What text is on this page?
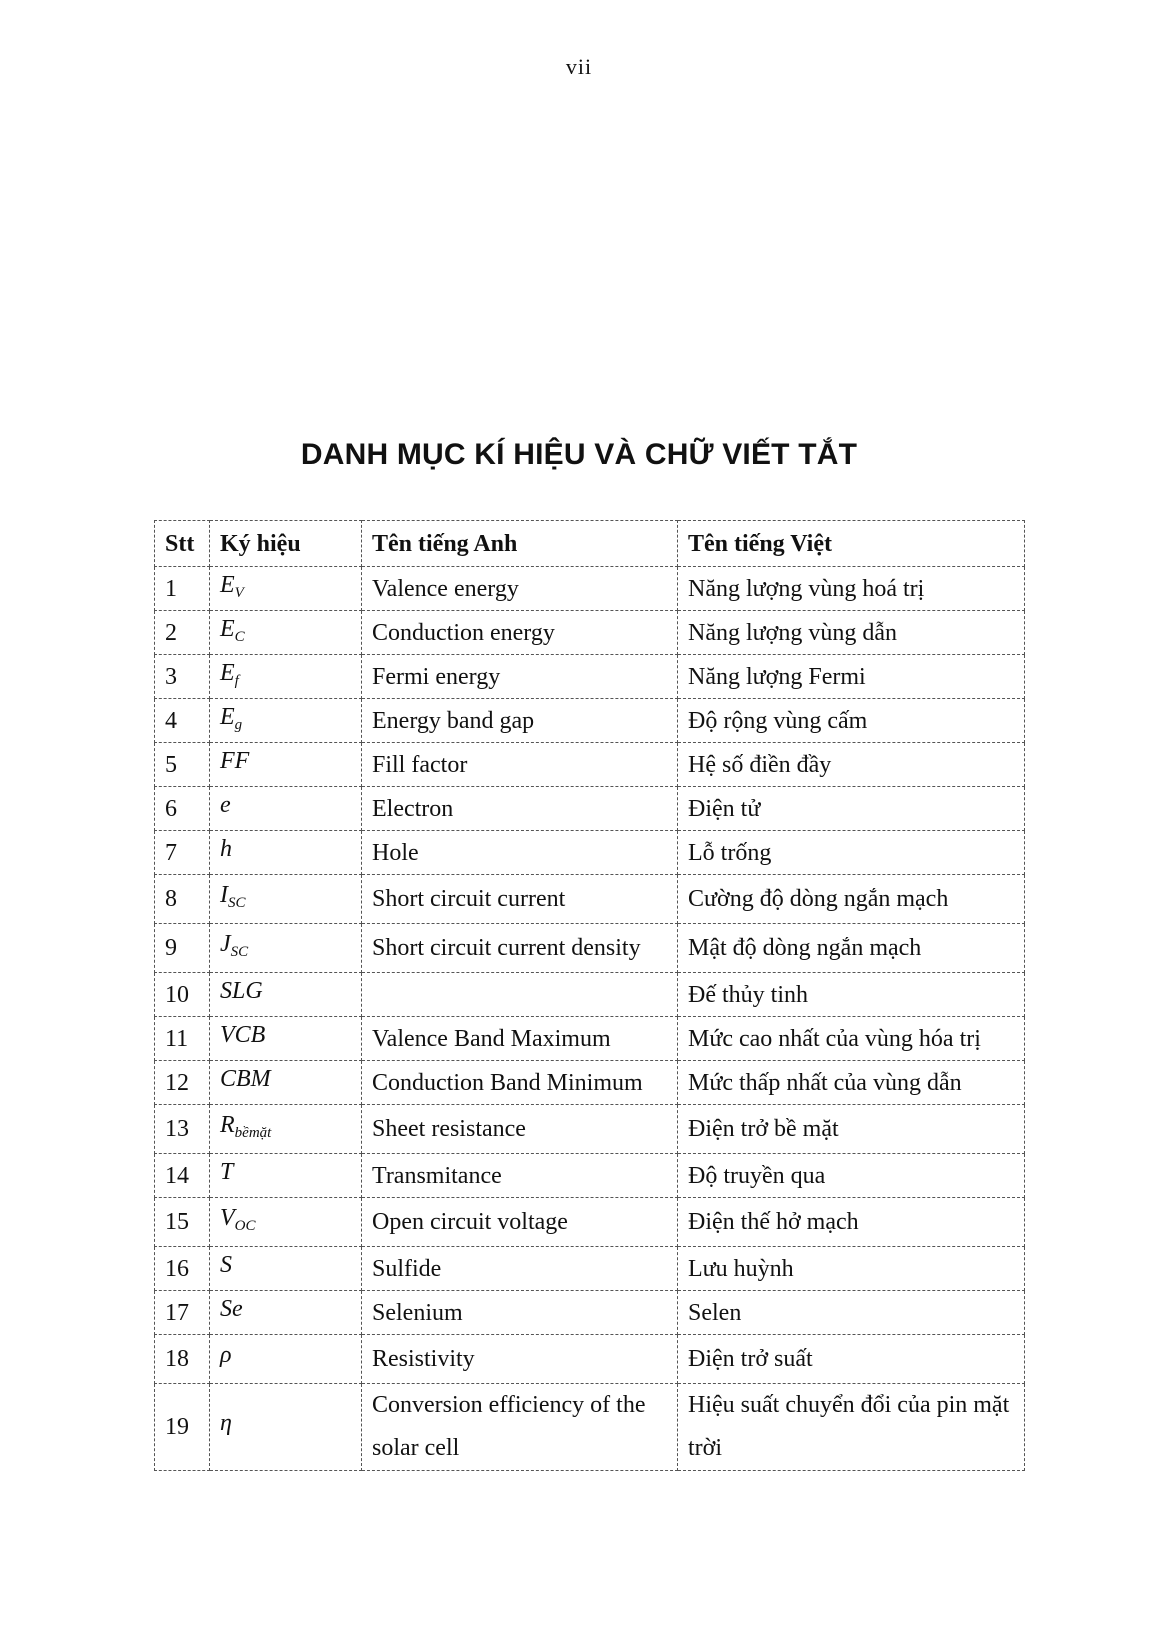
vii
DANH MỤC KÍ HIỆU VÀ CHỮ VIẾT TẮT
Stt	Ký hiệu	Tên tiếng Anh	Tên tiếng Việt
1	$E_V$	Valence energy	Năng lượng vùng hoá trị
2	$E_C$	Conduction energy	Năng lượng vùng dẫn
3	$E_f$	Fermi energy	Năng lượng Fermi
4	$E_g$	Energy band gap	Độ rộng vùng cấm
5	FF	Fill factor	Hệ số điền đầy
6	e	Electron	Điện tử
7	h	Hole	Lỗ trống
8	$I_{SC}$	Short circuit current	Cường độ dòng ngắn mạch
9	$J_{SC}$	Short circuit current density	Mật độ dòng ngắn mạch
10	SLG		Đế thủy tinh
11	VCB	Valence Band Maximum	Mức cao nhất của vùng hóa trị
12	CBM	Conduction Band Minimum	Mức thấp nhất của vùng dẫn
13	$R_{bềmặt}$	Sheet resistance	Điện trở bề mặt
14	T	Transmitance	Độ truyền qua
15	$V_{OC}$	Open circuit voltage	Điện thế hở mạch
16	S	Sulfide	Lưu huỳnh
17	Se	Selenium	Selen
18	ρ	Resistivity	Điện trở suất
19	η	Conversion efficiency of the solar cell	Hiệu suất chuyển đổi của pin mặt trời
